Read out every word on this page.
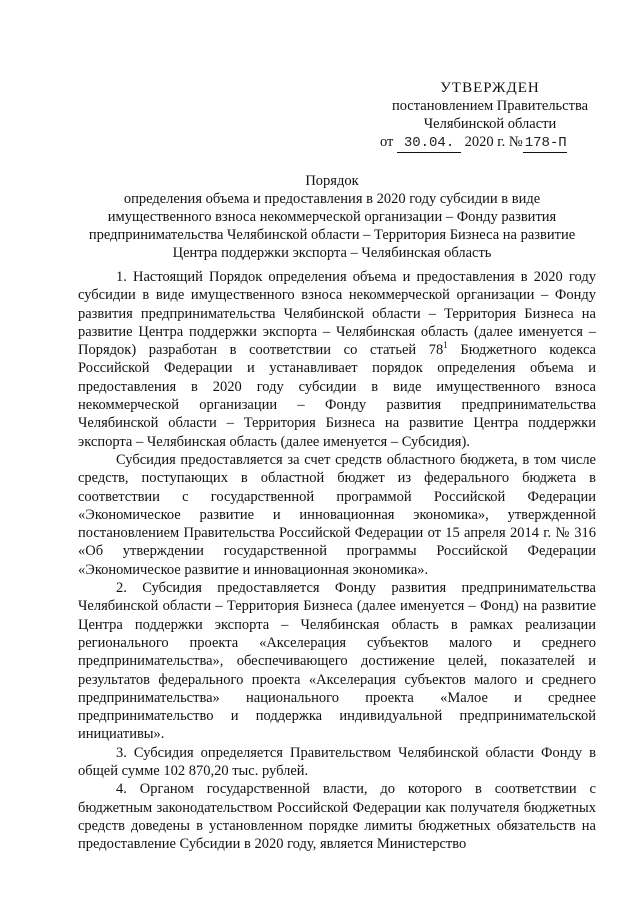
УТВЕРЖДЕН
постановлением Правительства
Челябинской области
от 30.04. 2020 г. № 178-П
Порядок
определения объема и предоставления в 2020 году субсидии в виде
имущественного взноса некоммерческой организации – Фонду развития
предпринимательства Челябинской области – Территория Бизнеса на развитие
Центра поддержки экспорта – Челябинская область

1. Настоящий Порядок определения объема и предоставления в 2020 году субсидии в виде имущественного взноса некоммерческой организации – Фонду развития предпринимательства Челябинской области – Территория Бизнеса на развитие Центра поддержки экспорта – Челябинская область (далее именуется – Порядок) разработан в соответствии со статьей $78^1$ Бюджетного кодекса Российской Федерации и устанавливает порядок определения объема и предоставления в 2020 году субсидии в виде имущественного взноса некоммерческой организации – Фонду развития предпринимательства Челябинской области – Территория Бизнеса на развитие Центра поддержки экспорта – Челябинская область (далее именуется – Субсидия).

Субсидия предоставляется за счет средств областного бюджета, в том числе средств, поступающих в областной бюджет из федерального бюджета в соответствии с государственной программой Российской Федерации «Экономическое развитие и инновационная экономика», утвержденной постановлением Правительства Российской Федерации от 15 апреля 2014 г. № 316 «Об утверждении государственной программы Российской Федерации «Экономическое развитие и инновационная экономика».

2. Субсидия предоставляется Фонду развития предпринимательства Челябинской области – Территория Бизнеса (далее именуется – Фонд) на развитие Центра поддержки экспорта – Челябинская область в рамках реализации регионального проекта «Акселерация субъектов малого и среднего предпринимательства», обеспечивающего достижение целей, показателей и результатов федерального проекта «Акселерация субъектов малого и среднего предпринимательства» национального проекта «Малое и среднее предпринимательство и поддержка индивидуальной предпринимательской инициативы».

3. Субсидия определяется Правительством Челябинской области Фонду в общей сумме 102 870,20 тыс. рублей.

4. Органом государственной власти, до которого в соответствии с бюджетным законодательством Российской Федерации как получателя бюджетных средств доведены в установленном порядке лимиты бюджетных обязательств на предоставление Субсидии в 2020 году, является Министерство
